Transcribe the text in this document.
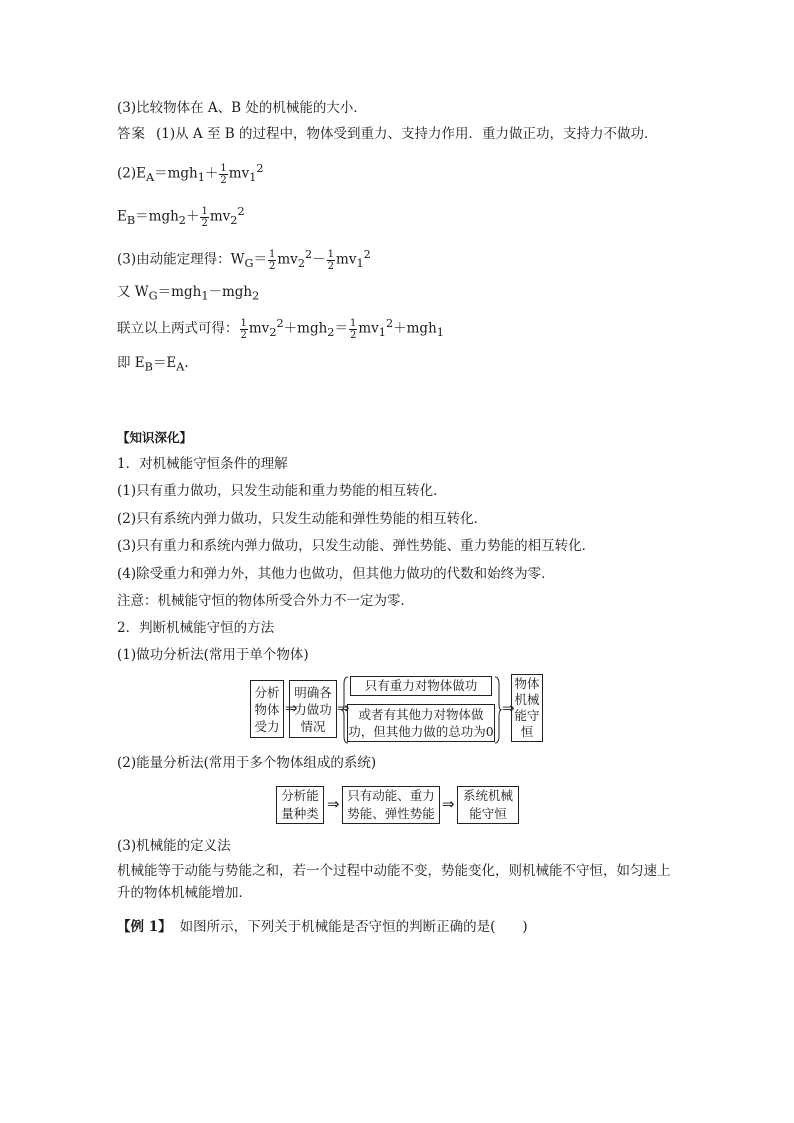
(3)比较物体在 A、B 处的机械能的大小．
答案 (1)从 A 至 B 的过程中，物体受到重力、支持力作用．重力做正功，支持力不做功．
$(2)E_A=mgh_1+ \frac{1}{2} mv_1^2$
$E_B=mgh_2+ \frac{1}{2} mv_2^2$
(3)由动能定理得：$W_G= \frac{1}{2} mv_2^2- \frac{1}{2} mv_1^2$
又 $W_G=mgh_1-mgh_2$
联立以上两式可得： $\frac{1}{2} mv_2^2+mgh_2= \frac{1}{2} mv_1^2+mgh_1$
即 $E_B=E_A$.
【知识深化】
1．对机械能守恒条件的理解
(1)只有重力做功，只发生动能和重力势能的相互转化．
(2)只有系统内弹力做功，只发生动能和弹性势能的相互转化．
(3)只有重力和系统内弹力做功，只发生动能、弹性势能、重力势能的相互转化．
(4)除受重力和弹力外，其他力也做功，但其他力做功的代数和始终为零．
注意：机械能守恒的物体所受合外力不一定为零．
2．判断机械能守恒的方法
(1)做功分析法(常用于单个物体)
分析物体受力
⇒
明确各力做功情况
⇒
只有重力对物体做功
或者有其他力对物体做功，但其他力做的总功为0
⇒
物体机械能守恒
(2)能量分析法(常用于多个物体组成的系统)
分析能量种类
⇒ 只有动能、重力势能、弹性势能
⇒ 系统机械能守恒
(3)机械能的定义法
机械能等于动能与势能之和，若一个过程中动能不变，势能变化，则机械能不守恒，如匀速上升的物体机械能增加．
【例 1】 如图所示，下列关于机械能是否守恒的判断正确的是(　　)
